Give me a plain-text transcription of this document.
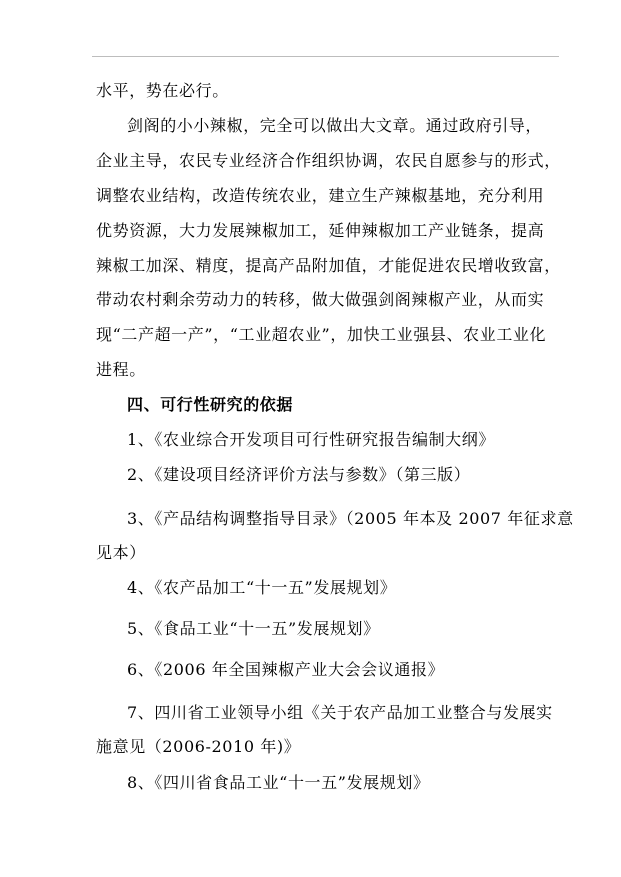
水平，势在必行。
剑阁的小小辣椒，完全可以做出大文章。通过政府引导，
企业主导，农民专业经济合作组织协调，农民自愿参与的形式，
调整农业结构，改造传统农业，建立生产辣椒基地，充分利用
优势资源，大力发展辣椒加工，延伸辣椒加工产业链条，提高
辣椒工加深、精度，提高产品附加值，才能促进农民增收致富，
带动农村剩余劳动力的转移，做大做强剑阁辣椒产业，从而实
现“二产超一产”，“工业超农业”，加快工业强县、农业工业化
进程。
四、可行性研究的依据
1、《农业综合开发项目可行性研究报告编制大纲》
2、《建设项目经济评价方法与参数》（第三版）
3、《产品结构调整指导目录》（2005 年本及 2007 年征求意
见本）
4、《农产品加工“十一五”发展规划》
5、《食品工业“十一五”发展规划》
6、《2006 年全国辣椒产业大会会议通报》
7、四川省工业领导小组《关于农产品加工业整合与发展实
施意见（2006-2010 年)》
8、《四川省食品工业“十一五”发展规划》
